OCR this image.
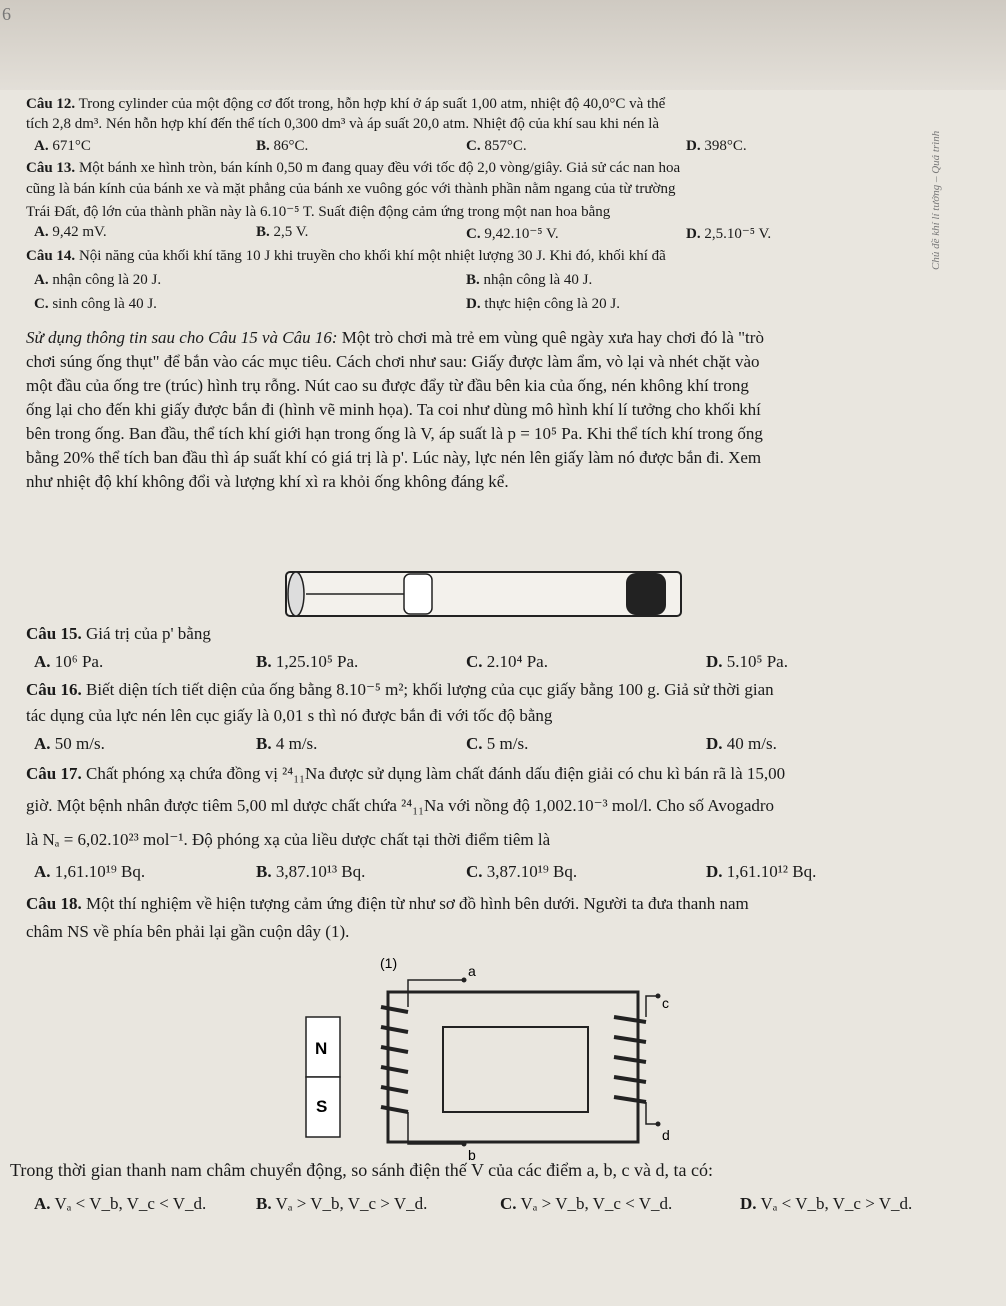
6
Chủ đề khí lí tưởng – Quá trình
Câu 12. Trong cylinder của một động cơ đốt trong, hỗn hợp khí ở áp suất 1,00 atm, nhiệt độ 40,0°C và thể
tích 2,8 dm³. Nén hỗn hợp khí đến thể tích 0,300 dm³ và áp suất 20,0 atm. Nhiệt độ của khí sau khi nén là
A. 671°C	B. 86°C.	C. 857°C.	D. 398°C.
Câu 13. Một bánh xe hình tròn, bán kính 0,50 m đang quay đều với tốc độ 2,0 vòng/giây. Giả sử các nan hoa
cũng là bán kính của bánh xe và mặt phẳng của bánh xe vuông góc với thành phần nằm ngang của từ trường
Trái Đất, độ lớn của thành phần này là 6.10⁻⁵ T. Suất điện động cảm ứng trong một nan hoa bằng
A. 9,42 mV.	B. 2,5 V.	C. 9,42.10⁻⁵ V.	D. 2,5.10⁻⁵ V.
Câu 14. Nội năng của khối khí tăng 10 J khi truyền cho khối khí một nhiệt lượng 30 J. Khi đó, khối khí đã
A. nhận công là 20 J.	B. nhận công là 40 J.
C. sinh công là 40 J.	D. thực hiện công là 20 J.
Sử dụng thông tin sau cho Câu 15 và Câu 16: Một trò chơi mà trẻ em vùng quê ngày xưa hay chơi đó là "trò
chơi súng ống thụt" để bắn vào các mục tiêu. Cách chơi như sau: Giấy được làm ẩm, vò lại và nhét chặt vào
một đầu của ống tre (trúc) hình trụ rỗng. Nút cao su được đẩy từ đầu bên kia của ống, nén không khí trong
ống lại cho đến khi giấy được bắn đi (hình vẽ minh họa). Ta coi như dùng mô hình khí lí tưởng cho khối khí
bên trong ống. Ban đầu, thể tích khí giới hạn trong ống là V, áp suất là p = 10⁵ Pa. Khi thể tích khí trong ống
bằng 20% thể tích ban đầu thì áp suất khí có giá trị là p'. Lúc này, lực nén lên giấy làm nó được bắn đi. Xem
như nhiệt độ khí không đổi và lượng khí xì ra khỏi ống không đáng kể.
Câu 15. Giá trị của p' bằng
A. 10⁶ Pa.	B. 1,25.10⁵ Pa.	C. 2.10⁴ Pa.	D. 5.10⁵ Pa.
Câu 16. Biết diện tích tiết diện của ống bằng 8.10⁻⁵ m²; khối lượng của cục giấy bằng 100 g. Giả sử thời gian
tác dụng của lực nén lên cục giấy là 0,01 s thì nó được bắn đi với tốc độ bằng
A. 50 m/s.	B. 4 m/s.	C. 5 m/s.	D. 40 m/s.
Câu 17. Chất phóng xạ chứa đồng vị ²⁴₁₁Na được sử dụng làm chất đánh dấu điện giải có chu kì bán rã là 15,00
giờ. Một bệnh nhân được tiêm 5,00 ml dược chất chứa ²⁴₁₁Na với nồng độ 1,002.10⁻³ mol/l. Cho số Avogadro
là Nₐ = 6,02.10²³ mol⁻¹. Độ phóng xạ của liều dược chất tại thời điểm tiêm là
A. 1,61.10¹⁹ Bq.	B. 3,87.10¹³ Bq.	C. 3,87.10¹⁹ Bq.	D. 1,61.10¹² Bq.
Câu 18. Một thí nghiệm về hiện tượng cảm ứng điện từ như sơ đồ hình bên dưới. Người ta đưa thanh nam
châm NS về phía bên phải lại gần cuộn dây (1).
(1)
N
S
a
b
c
d
Trong thời gian thanh nam châm chuyển động, so sánh điện thế V của các điểm a, b, c và d, ta có:
A. Vₐ < V_b, V_c < V_d.	B. Vₐ > V_b, V_c > V_d.	C. Vₐ > V_b, V_c < V_d.	D. Vₐ < V_b, V_c > V_d.
